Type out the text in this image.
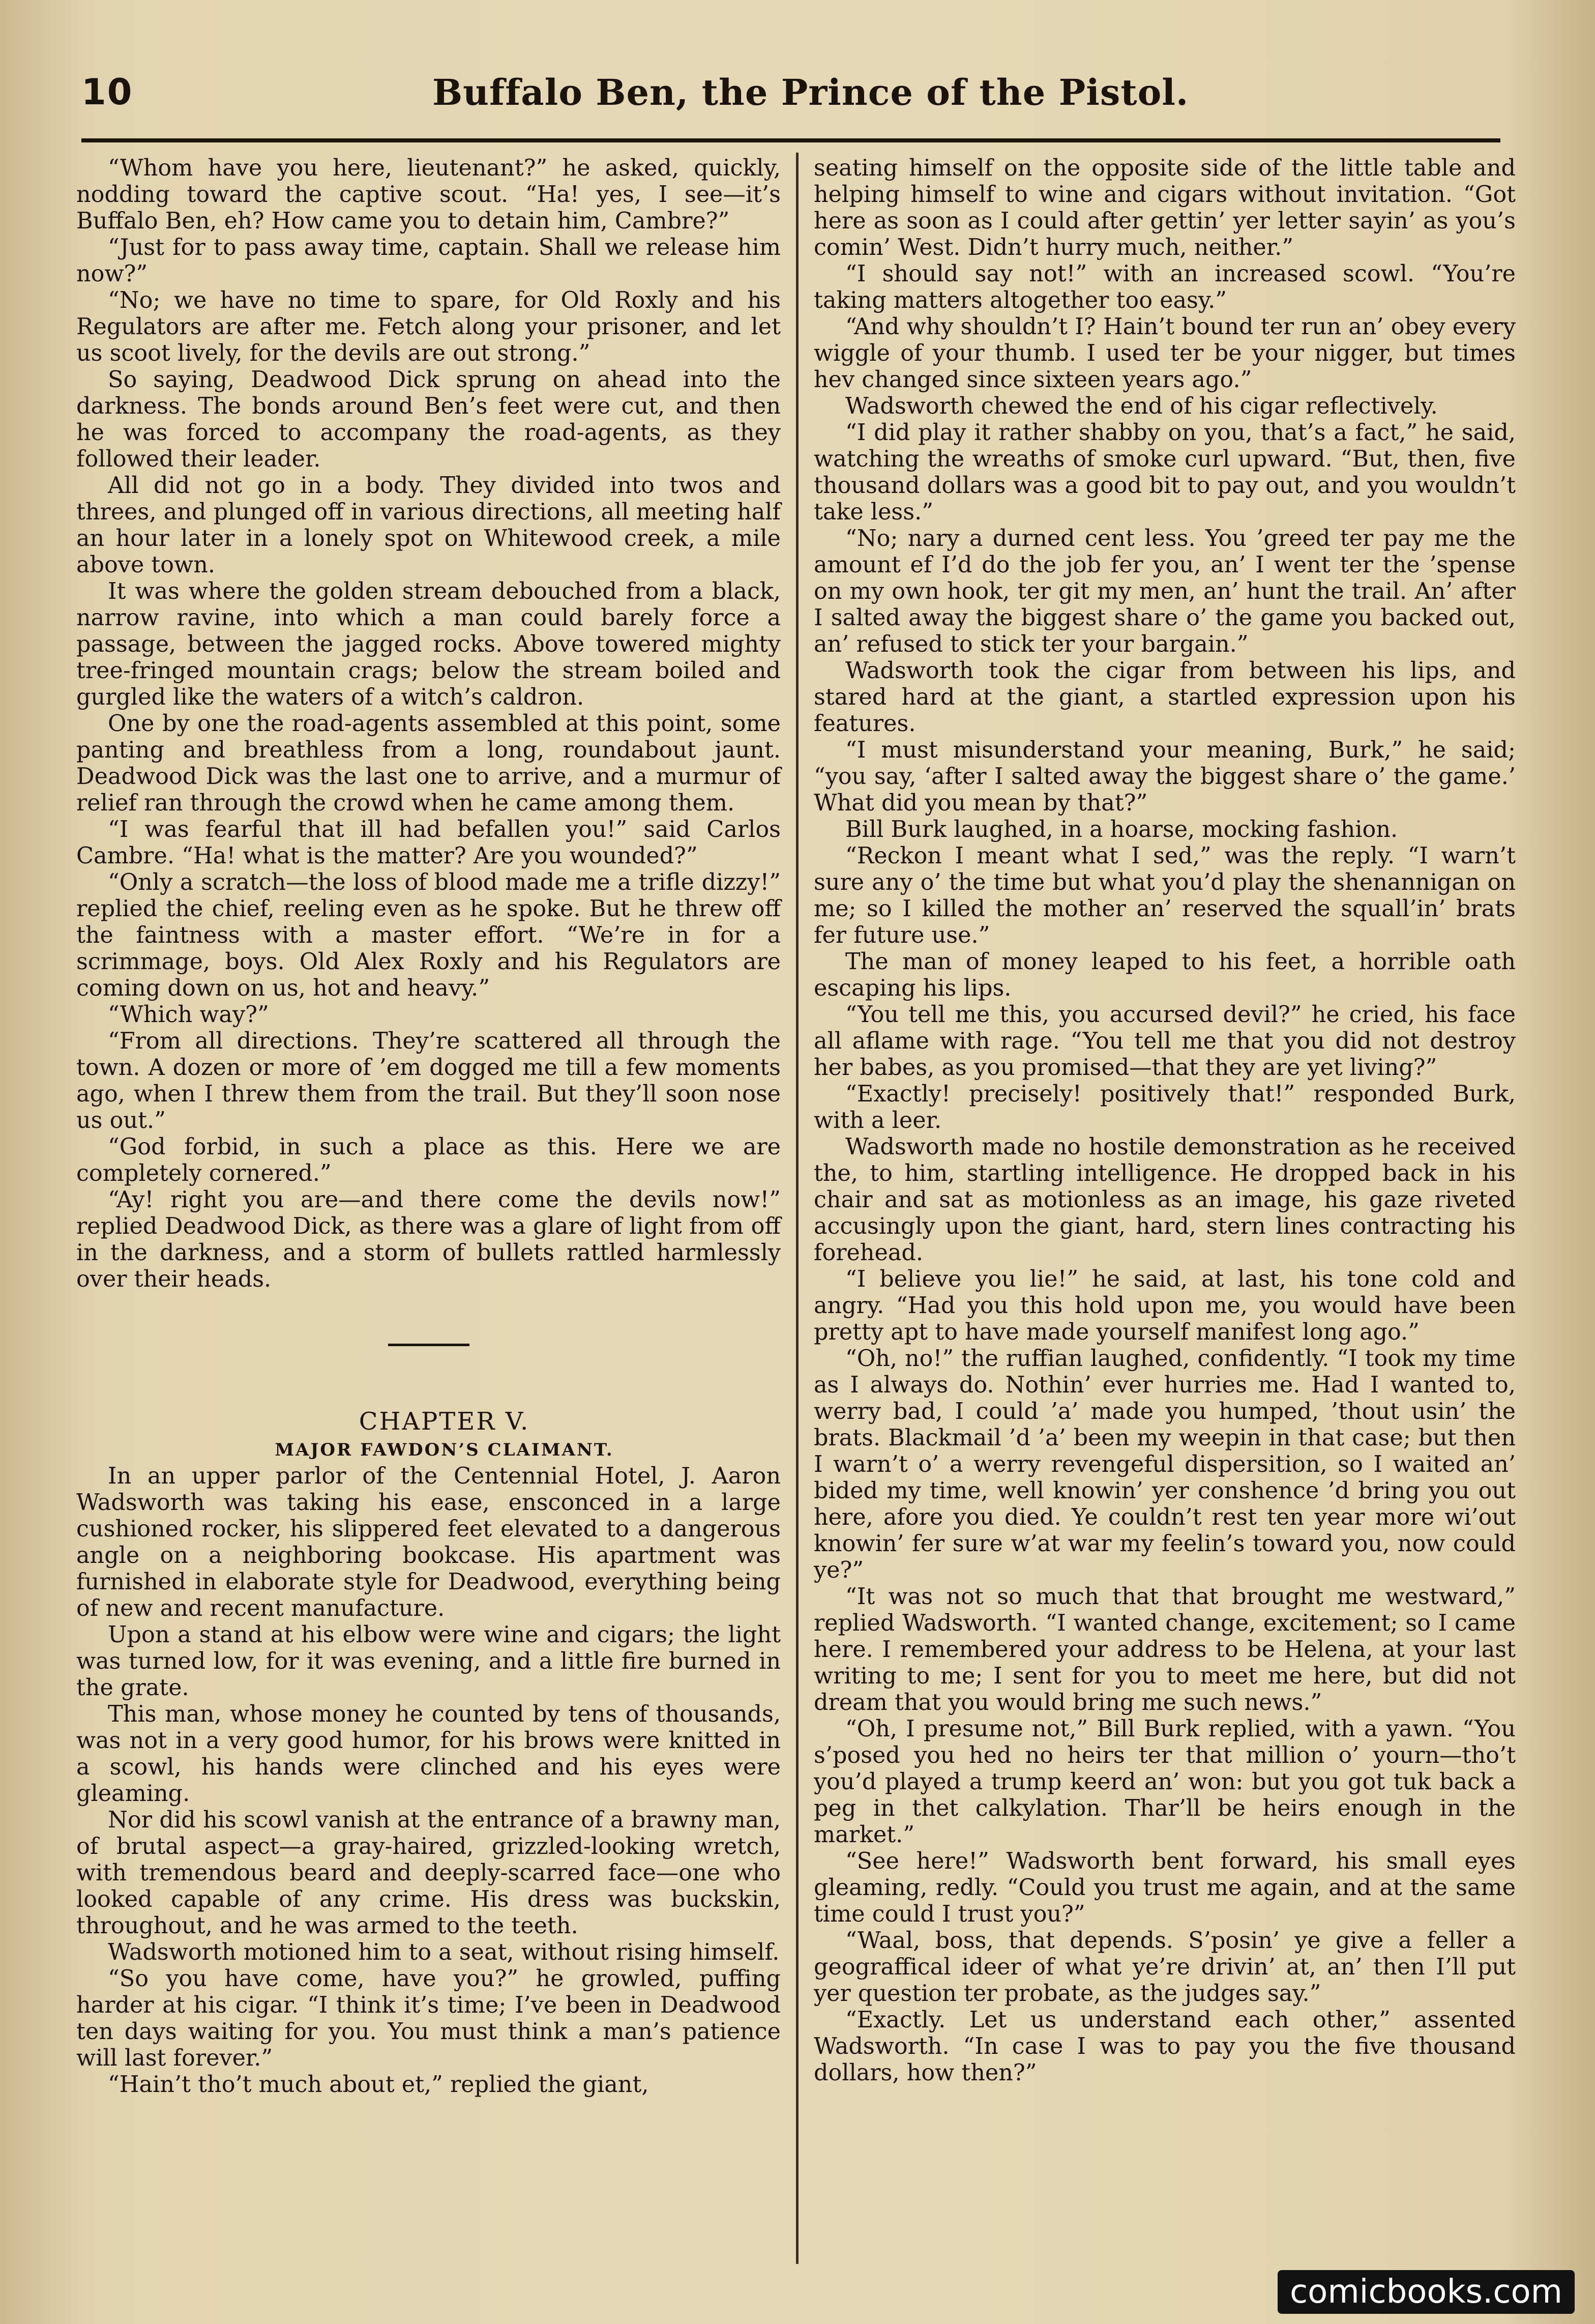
10	Buffalo Ben, the Prince of the Pistol.

“Whom have you here, lieutenant?” he asked, quickly, nodding toward the captive scout. “Ha! yes, I see—it’s Buffalo Ben, eh? How came you to detain him, Cambre?”

“Just for to pass away time, captain. Shall we release him now?”

“No; we have no time to spare, for Old Roxly and his Regulators are after me. Fetch along your prisoner, and let us scoot lively, for the devils are out strong.”

So saying, Deadwood Dick sprung on ahead into the darkness. The bonds around Ben’s feet were cut, and then he was forced to accompany the road-agents, as they followed their leader.

All did not go in a body. They divided into twos and threes, and plunged off in various directions, all meeting half an hour later in a lonely spot on Whitewood creek, a mile above town.

It was where the golden stream debouched from a black, narrow ravine, into which a man could barely force a passage, between the jagged rocks. Above towered mighty tree-fringed mountain crags; below the stream boiled and gurgled like the waters of a witch’s caldron.

One by one the road-agents assembled at this point, some panting and breathless from a long, roundabout jaunt. Deadwood Dick was the last one to arrive, and a murmur of relief ran through the crowd when he came among them.

“I was fearful that ill had befallen you!” said Carlos Cambre. “Ha! what is the matter? Are you wounded?”

“Only a scratch—the loss of blood made me a trifle dizzy!” replied the chief, reeling even as he spoke. But he threw off the faintness with a master effort. “We’re in for a scrimmage, boys. Old Alex Roxly and his Regulators are coming down on us, hot and heavy.”

“Which way?”

“From all directions. They’re scattered all through the town. A dozen or more of ’em dogged me till a few moments ago, when I threw them from the trail. But they’ll soon nose us out.”

“God forbid, in such a place as this. Here we are completely cornered.”

“Ay! right you are—and there come the devils now!” replied Deadwood Dick, as there was a glare of light from off in the darkness, and a storm of bullets rattled harmlessly over their heads.

CHAPTER V.

MAJOR FAWDON’S CLAIMANT.

In an upper parlor of the Centennial Hotel, J. Aaron Wadsworth was taking his ease, ensconced in a large cushioned rocker, his slippered feet elevated to a dangerous angle on a neighboring bookcase. His apartment was furnished in elaborate style for Deadwood, everything being of new and recent manufacture.

Upon a stand at his elbow were wine and cigars; the light was turned low, for it was evening, and a little fire burned in the grate.

This man, whose money he counted by tens of thousands, was not in a very good humor, for his brows were knitted in a scowl, his hands were clinched and his eyes were gleaming.

Nor did his scowl vanish at the entrance of a brawny man, of brutal aspect—a gray-haired, grizzled-looking wretch, with tremendous beard and deeply-scarred face—one who looked capable of any crime. His dress was buckskin, throughout, and he was armed to the teeth.

Wadsworth motioned him to a seat, without rising himself.

“So you have come, have you?” he growled, puffing harder at his cigar. “I think it’s time; I’ve been in Deadwood ten days waiting for you. You must think a man’s patience will last forever.”

“Hain’t tho’t much about et,” replied the giant,

seating himself on the opposite side of the little table and helping himself to wine and cigars without invitation. “Got here as soon as I could after gettin’ yer letter sayin’ as you’s comin’ West. Didn’t hurry much, neither.”

“I should say not!” with an increased scowl. “You’re taking matters altogether too easy.”

“And why shouldn’t I? Hain’t bound ter run an’ obey every wiggle of your thumb. I used ter be your nigger, but times hev changed since sixteen years ago.”

Wadsworth chewed the end of his cigar reflectively.

“I did play it rather shabby on you, that’s a fact,” he said, watching the wreaths of smoke curl upward. “But, then, five thousand dollars was a good bit to pay out, and you wouldn’t take less.”

“No; nary a durned cent less. You ’greed ter pay me the amount ef I’d do the job fer you, an’ I went ter the ’spense on my own hook, ter git my men, an’ hunt the trail. An’ after I salted away the biggest share o’ the game you backed out, an’ refused to stick ter your bargain.”

Wadsworth took the cigar from between his lips, and stared hard at the giant, a startled expression upon his features.

“I must misunderstand your meaning, Burk,” he said; “you say, ‘after I salted away the biggest share o’ the game.’ What did you mean by that?”

Bill Burk laughed, in a hoarse, mocking fashion.

“Reckon I meant what I sed,” was the reply. “I warn’t sure any o’ the time but what you’d play the shenannigan on me; so I killed the mother an’ reserved the squall’in’ brats fer future use.”

The man of money leaped to his feet, a horrible oath escaping his lips.

“You tell me this, you accursed devil?” he cried, his face all aflame with rage. “You tell me that you did not destroy her babes, as you promised—that they are yet living?”

“Exactly! precisely! positively that!” responded Burk, with a leer.

Wadsworth made no hostile demonstration as he received the, to him, startling intelligence. He dropped back in his chair and sat as motionless as an image, his gaze riveted accusingly upon the giant, hard, stern lines contracting his forehead.

“I believe you lie!” he said, at last, his tone cold and angry. “Had you this hold upon me, you would have been pretty apt to have made yourself manifest long ago.”

“Oh, no!” the ruffian laughed, confidently. “I took my time as I always do. Nothin’ ever hurries me. Had I wanted to, werry bad, I could ’a’ made you humped, ’thout usin’ the brats. Blackmail ’d ’a’ been my weepin in that case; but then I warn’t o’ a werry revengeful dispersition, so I waited an’ bided my time, well knowin’ yer conshence ’d bring you out here, afore you died. Ye couldn’t rest ten year more wi’out knowin’ fer sure w’at war my feelin’s toward you, now could ye?”

“It was not so much that that brought me westward,” replied Wadsworth. “I wanted change, excitement; so I came here. I remembered your address to be Helena, at your last writing to me; I sent for you to meet me here, but did not dream that you would bring me such news.”

“Oh, I presume not,” Bill Burk replied, with a yawn. “You s’posed you hed no heirs ter that million o’ yourn—tho’t you’d played a trump keerd an’ won: but you got tuk back a peg in thet calkylation. Thar’ll be heirs enough in the market.”

“See here!” Wadsworth bent forward, his small eyes gleaming, redly. “Could you trust me again, and at the same time could I trust you?”

“Waal, boss, that depends. S’posin’ ye give a feller a geograffical ideer of what ye’re drivin’ at, an’ then I’ll put yer question ter probate, as the judges say.”

“Exactly. Let us understand each other,” assented Wadsworth. “In case I was to pay you the five thousand dollars, how then?”

comicbooks.com
